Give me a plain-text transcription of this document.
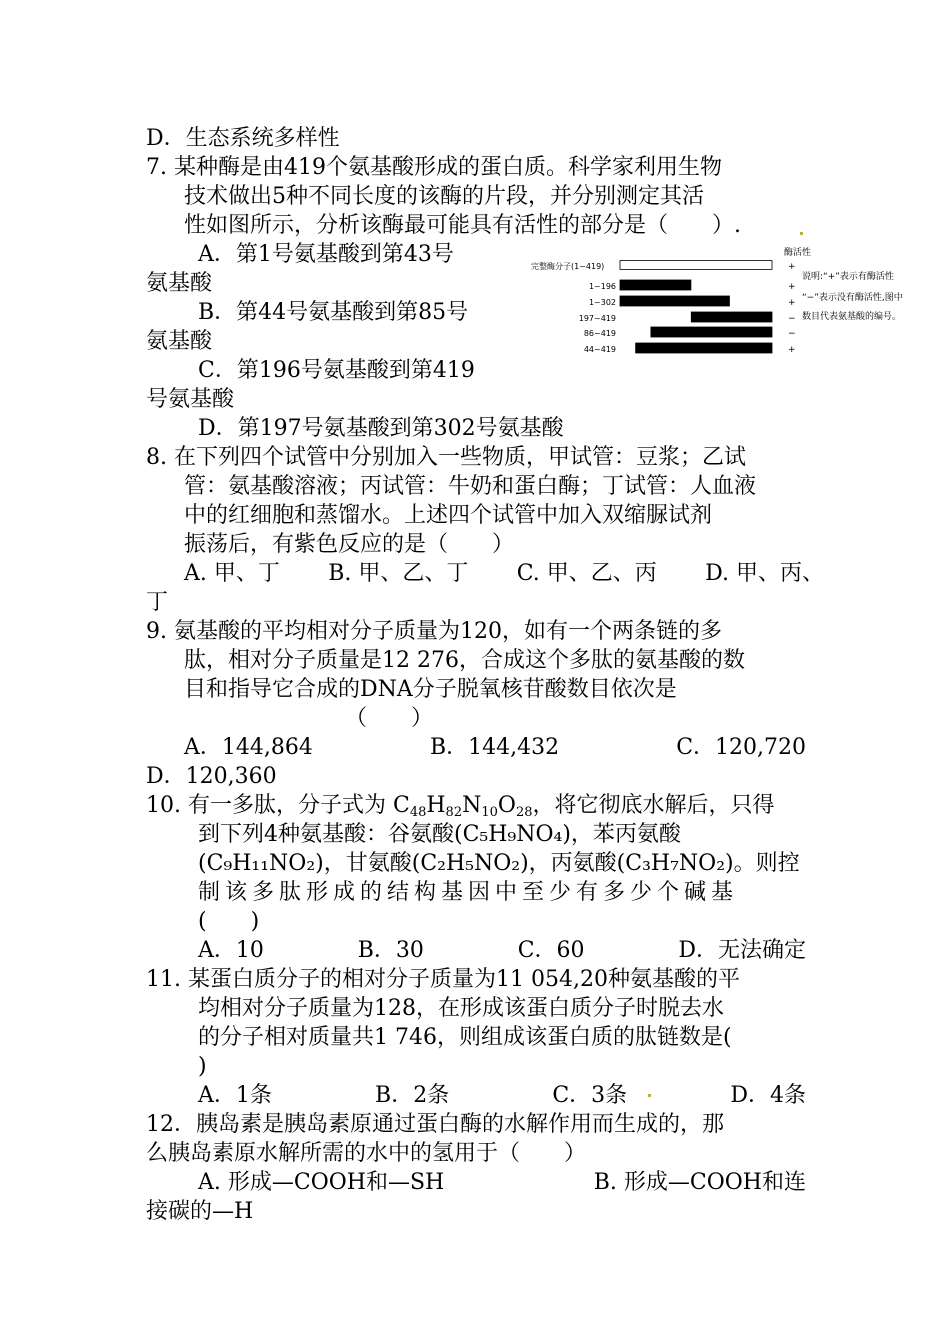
D．生态系统多样性
7. 某种酶是由419个氨基酸形成的蛋白质。科学家利用生物
技术做出5种不同长度的该酶的片段，并分别测定其活
性如图所示，分析该酶最可能具有活性的部分是（　　）.
A．第1号氨基酸到第43号
氨基酸
B．第44号氨基酸到第85号
氨基酸
C．第196号氨基酸到第419
号氨基酸
D．第197号氨基酸到第302号氨基酸
酶活性
说明:“+”表示有酶活性
“−”表示没有酶活性,图中
数目代表氨基酸的编号。
完整酶分子(1~419)	+
1~196	+
1~302	+
197~419	−
86~419	−
44~419	+
8. 在下列四个试管中分别加入一些物质，甲试管：豆浆；乙试
管：氨基酸溶液；丙试管：牛奶和蛋白酶；丁试管：人血液
中的红细胞和蒸馏水。上述四个试管中加入双缩脲试剂
振荡后，有紫色反应的是（　　）
A. 甲、丁 B. 甲、乙、丁 C. 甲、乙、丙 D. 甲、丙、
丁
9. 氨基酸的平均相对分子质量为120，如有一个两条链的多
肽，相对分子质量是12 276，合成这个多肽的氨基酸的数
目和指导它合成的DNA分子脱氧核苷酸数目依次是
（　　）
A．144,864	B．144,432	C．120,720
D．120,360
10. 有一多肽，分子式为 $C_{48}H_{82}N_{10}O_{28}$，将它彻底水解后，只得
到下列4种氨基酸：谷氨酸(C₅H₉NO₄)，苯丙氨酸
(C₉H₁₁NO₂)，甘氨酸(C₂H₅NO₂)，丙氨酸(C₃H₇NO₂)。则控
制该多肽形成的结构基因中至少有多少个碱基
(　　)
A．10	B．30	C．60	D．无法确定
11. 某蛋白质分子的相对分子质量为11 054,20种氨基酸的平
均相对分子质量为128，在形成该蛋白质分子时脱去水
的分子相对质量共1 746，则组成该蛋白质的肽链数是(
)
A．1条	B．2条	C．3条	D．4条
12．胰岛素是胰岛素原通过蛋白酶的水解作用而生成的，那
么胰岛素原水解所需的水中的氢用于（　　）
A. 形成—COOH和—SH	B. 形成—COOH和连
接碳的—H
